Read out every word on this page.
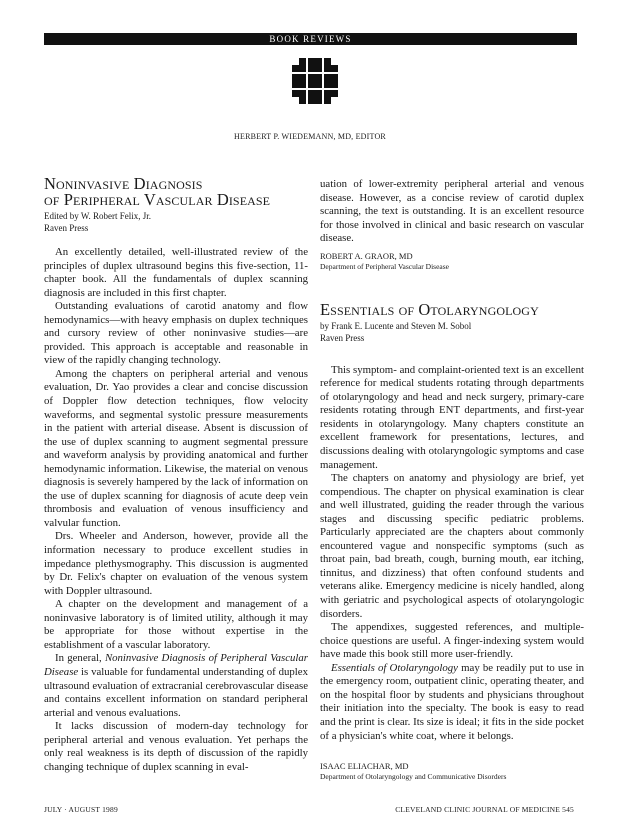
BOOK REVIEWS
HERBERT P. WIEDEMANN, MD, EDITOR
Noninvasive Diagnosis
of Peripheral Vascular Disease
Edited by W. Robert Felix, Jr.
Raven Press

An excellently detailed, well-illustrated review of the principles of duplex ultrasound begins this five-section, 11-chapter book. All the fundamentals of duplex scanning diagnosis are included in this first chapter.

Outstanding evaluations of carotid anatomy and flow hemodynamics—with heavy emphasis on duplex techniques and cursory review of other noninvasive studies—are provided. This approach is acceptable and reasonable in view of the rapidly changing technology.

Among the chapters on peripheral arterial and venous evaluation, Dr. Yao provides a clear and concise discussion of Doppler flow detection techniques, flow velocity waveforms, and segmental systolic pressure measurements in the patient with arterial disease. Absent is discussion of the use of duplex scanning to augment segmental pressure and waveform analysis by providing anatomical and further hemodynamic information. Likewise, the material on venous diagnosis is severely hampered by the lack of information on the use of duplex scanning for diagnosis of acute deep vein thrombosis and evaluation of venous insufficiency and valvular function.

Drs. Wheeler and Anderson, however, provide all the information necessary to produce excellent studies in impedance plethysmography. This discussion is augmented by Dr. Felix's chapter on evaluation of the venous system with Doppler ultrasound.

A chapter on the development and management of a noninvasive laboratory is of limited utility, although it may be appropriate for those without expertise in the establishment of a vascular laboratory.

In general, Noninvasive Diagnosis of Peripheral Vascular Disease is valuable for fundamental understanding of duplex ultrasound evaluation of extracranial cerebrovascular disease and contains excellent information on standard peripheral arterial and venous evaluations.

It lacks discussion of modern-day technology for peripheral arterial and venous evaluation. Yet perhaps the only real weakness is its depth of discussion of the rapidly changing technique of duplex scanning in eval-

uation of lower-extremity peripheral arterial and venous disease. However, as a concise review of carotid duplex scanning, the text is outstanding. It is an excellent resource for those involved in clinical and basic research on vascular disease.

ROBERT A. GRAOR, MD
Department of Peripheral Vascular Disease
Essentials of Otolaryngology
by Frank E. Lucente and Steven M. Sobol
Raven Press

This symptom- and complaint-oriented text is an excellent reference for medical students rotating through departments of otolaryngology and head and neck surgery, primary-care residents rotating through ENT departments, and first-year residents in otolaryngology. Many chapters constitute an excellent framework for presentations, lectures, and discussions dealing with otolaryngologic symptoms and case management.

The chapters on anatomy and physiology are brief, yet compendious. The chapter on physical examination is clear and well illustrated, guiding the reader through the various stages and discussing specific pediatric problems. Particularly appreciated are the chapters about commonly encountered vague and nonspecific symptoms (such as throat pain, bad breath, cough, burning mouth, ear itching, tinnitus, and dizziness) that often confound students and veterans alike. Emergency medicine is nicely handled, along with geriatric and psychological aspects of otolaryngologic disorders.

The appendixes, suggested references, and multiple-choice questions are useful. A finger-indexing system would have made this book still more user-friendly.

Essentials of Otolaryngology may be readily put to use in the emergency room, outpatient clinic, operating theater, and on the hospital floor by students and physicians throughout their initiation into the specialty. The book is easy to read and the print is clear. Its size is ideal; it fits in the side pocket of a physician's white coat, where it belongs.

ISAAC ELIACHAR, MD
Department of Otolaryngology and Communicative Disorders
JULY · AUGUST 1989	CLEVELAND CLINIC JOURNAL OF MEDICINE 545
